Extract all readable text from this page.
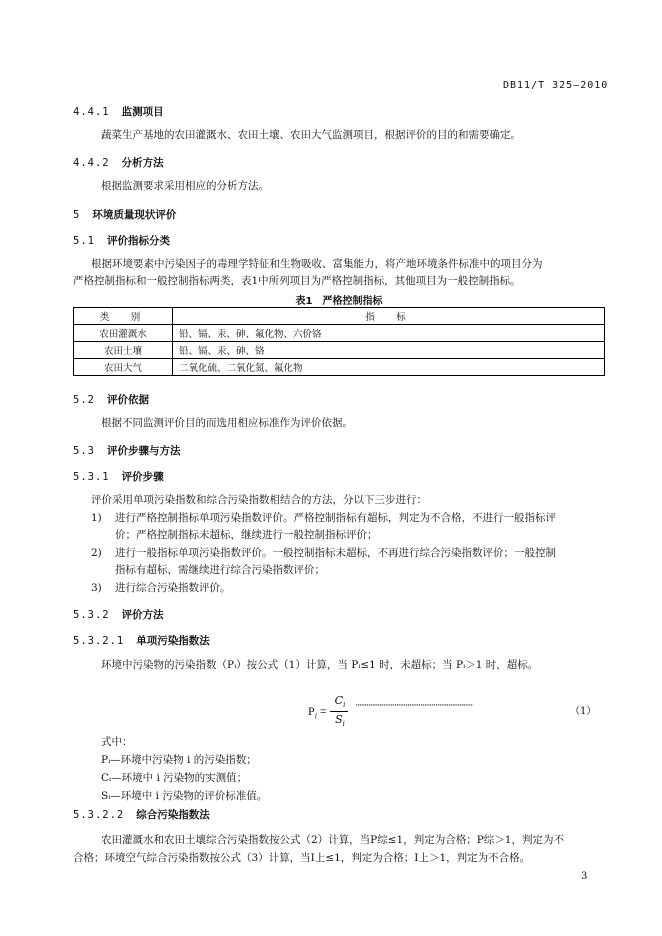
DB11/T 325—2010
4.4.1 监测项目
蔬菜生产基地的农田灌溉水、农田土壤、农田大气监测项目，根据评价的目的和需要确定。
4.4.2 分析方法
根据监测要求采用相应的分析方法。
5 环境质量现状评价
5.1 评价指标分类
根据环境要素中污染因子的毒理学特征和生物吸收、富集能力，将产地环境条件标准中的项目分为
严格控制指标和一般控制指标两类，表1中所列项目为严格控制指标，其他项目为一般控制指标。
表1　严格控制指标
类　别	指　标
农田灌溉水	铅、镉、汞、砷、氟化物、六价铬
农田土壤	铅、镉、汞、砷、铬
农田大气	二氧化硫、二氧化氮、氟化物
5.2 评价依据
根据不同监测评价目的而选用相应标准作为评价依据。
5.3 评价步骤与方法
5.3.1 评价步骤
评价采用单项污染指数和综合污染指数相结合的方法，分以下三步进行：
1) 进行严格控制指标单项污染指数评价。严格控制指标有超标，判定为不合格，不进行一般指标评
价；严格控制指标未超标，继续进行一般控制指标评价；
2) 进行一般指标单项污染指数评价。一般控制指标未超标，不再进行综合污染指数评价；一般控制
指标有超标，需继续进行综合污染指数评价；
3) 进行综合污染指数评价。
5.3.2 评价方法
5.3.2.1 单项污染指数法
环境中污染物的污染指数（Pᵢ）按公式（1）计算，当 Pᵢ≤1 时，未超标；当 Pᵢ＞1 时，超标。
$P_i$ =
$C_i$
$S_i$
·······························································	（1）
式中：
Pᵢ—环境中污染物 i 的污染指数；
Cᵢ—环境中 i 污染物的实测值；
Sᵢ—环境中 i 污染物的评价标准值。
5.3.2.2 综合污染指数法
农田灌溉水和农田土壤综合污染指数按公式（2）计算，当P综≤1，判定为合格；P综＞1，判定为不
合格；环境空气综合污染指数按公式（3）计算，当I上≤1，判定为合格；I上＞1，判定为不合格。
3
